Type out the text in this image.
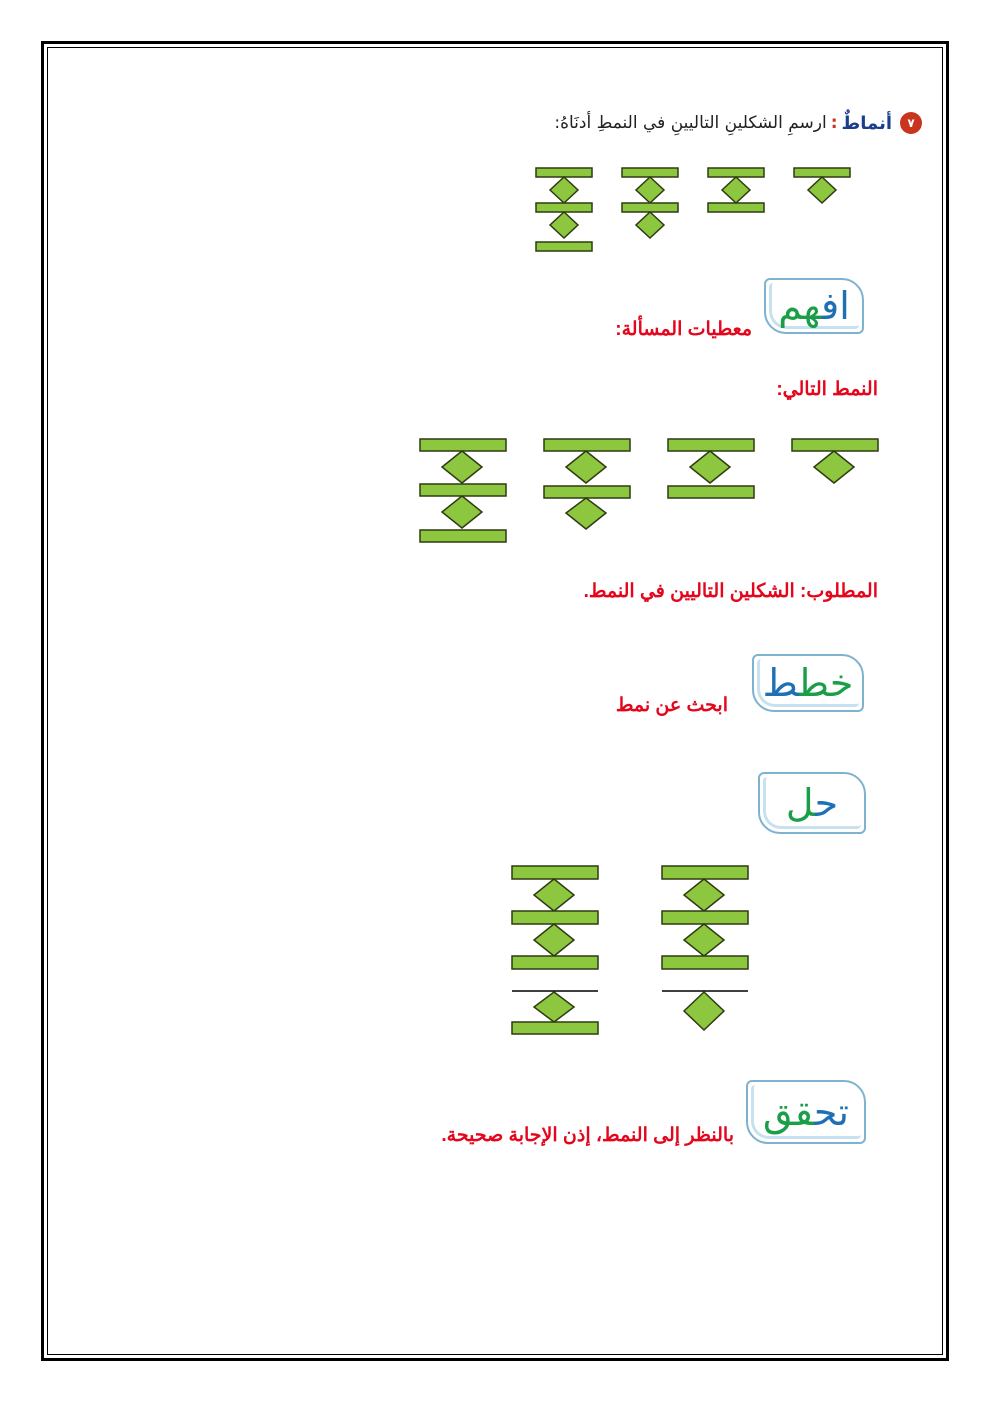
٧
أنماطٌ
:
ارسمِ الشكلينِ التاليينِ في النمطِ أدنَاهُ:
افهم
معطيات المسألة:
النمط التالي:
المطلوب: الشكلين التاليين في النمط.
خطط
ابحث عن نمط
حل
تحقق
بالنظر إلى النمط، إذن الإجابة صحيحة.
